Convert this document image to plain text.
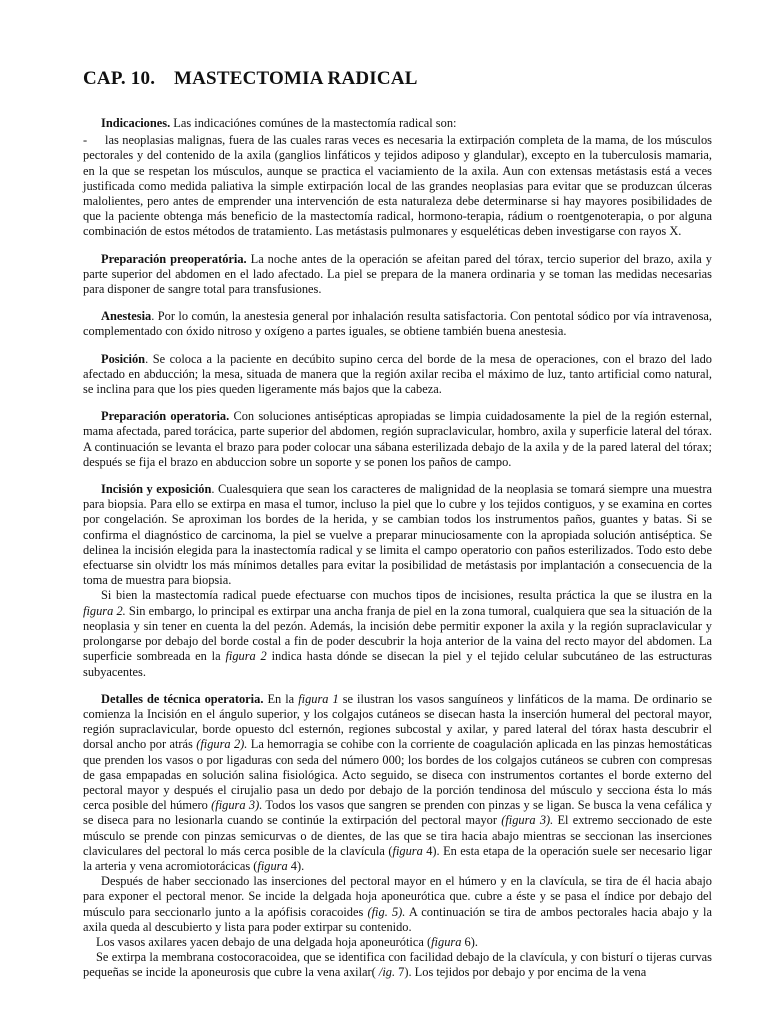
CAP. 10. MASTECTOMIA RADICAL
Indicaciones. Las indicaciónes comúnes de la mastectomía radical son:
- las neoplasias malignas, fuera de las cuales raras veces es necesaria la extirpación completa de la mama, de los músculos pectorales y del contenido de la axila (ganglios linfáticos y tejidos adiposo y glandular), excepto en la tuberculosis mamaria, en la que se respetan los músculos, aunque se practica el vaciamiento de la axila. Aun con extensas metástasis está a veces justificada como medida paliativa la simple extirpación local de las grandes neoplasias para evitar que se produzcan úlceras malolientes, pero antes de emprender una intervención de esta naturaleza debe determinarse si hay mayores posibilidades de que la paciente obtenga más beneficio de la mastectomía radical, hormono-terapia, rádium o roentgenoterapia, o por alguna combinación de estos métodos de tratamiento. Las metástasis pulmonares y esqueléticas deben investigarse con rayos X.
Preparación preoperatória. La noche antes de la operación se afeitan pared del tórax, tercio superior del brazo, axila y parte superior del abdomen en el lado afectado. La piel se prepara de la manera ordinaria y se toman las medidas necesarias para disponer de sangre total para transfusiones.
Anestesia. Por lo común, la anestesia general por inhalación resulta satisfactoria. Con pentotal sódico por vía intravenosa, complementado con óxido nitroso y oxígeno a partes iguales, se obtiene también buena anestesia.
Posición. Se coloca a la paciente en decúbito supino cerca del borde de la mesa de operaciones, con el brazo del lado afectado en abducción; la mesa, situada de manera que la región axilar reciba el máximo de luz, tanto artificial como natural, se inclina para que los pies queden ligeramente más bajos que la cabeza.
Preparación operatoria. Con soluciones antisépticas apropiadas se limpia cuidadosamente la piel de la región esternal, mama afectada, pared torácica, parte superior del abdomen, región supraclavicular, hombro, axila y superficie lateral del tórax. A continuación se levanta el brazo para poder colocar una sábana esterilizada debajo de la axila y de la pared lateral del tórax; después se fija el brazo en abduccion sobre un soporte y se ponen los paños de campo.
Incisión y exposición. Cualesquiera que sean los caracteres de malignidad de la neoplasia se tomará siempre una muestra para biopsia. Para ello se extirpa en masa el tumor, incluso la piel que lo cubre y los tejidos contiguos, y se examina en cortes por congelación. Se aproximan los bordes de la herida, y se cambian todos los instrumentos paños, guantes y batas. Si se confirma el diagnóstico de carcinoma, la piel se vuelve a preparar minuciosamente con la apropiada solución antiséptica. Se delinea la incisión elegida para la inastectomía radical y se limita el campo operatorio con paños esterilizados. Todo esto debe efectuarse sin olvidtr los más mínimos detalles para evitar la posibilidad de metástasis por implantación a consecuencia de la toma de muestra para biopsia.
Si bien la mastectomía radical puede efectuarse con muchos tipos de incisiones, resulta práctica la que se ilustra en la figura 2. Sin embargo, lo principal es extirpar una ancha franja de piel en la zona tumoral, cualquiera que sea la situación de la neoplasia y sin tener en cuenta la del pezón. Además, la incisión debe permitir exponer la axila y la región supraclavicular y prolongarse por debajo del borde costal a fin de poder descubrir la hoja anterior de la vaina del recto mayor del abdomen. La superficie sombreada en la figura 2 indica hasta dónde se disecan la piel y el tejido celular subcutáneo de las estructuras subyacentes.
Detalles de técnica operatoria. En la figura 1 se ilustran los vasos sanguíneos y linfáticos de la mama. De ordinario se comienza la Incisión en el ángulo superior, y los colgajos cutáneos se disecan hasta la inserción humeral del pectoral mayor, región supraclavicular, borde opuesto dcl esternón, regiones subcostal y axilar, y pared lateral del tórax hasta descubrir el dorsal ancho por atrás (figura 2). La hemorragia se cohibe con la corriente de coagulación aplicada en las pinzas hemostáticas que prenden los vasos o por ligaduras con seda del número 000; los bordes de los colgajos cutáneos se cubren con compresas de gasa empapadas en solución salina fisiológica. Acto seguido, se diseca con instrumentos cortantes el borde externo del pectoral mayor y después el cirujalio pasa un dedo por debajo de la porción tendinosa del músculo y secciona ésta lo más cerca posible del húmero (figura 3). Todos los vasos que sangren se prenden con pinzas y se ligan. Se busca la vena cefálica y se diseca para no lesionarla cuando se continúe la extirpación del pectoral mayor (figura 3). El extremo seccionado de este músculo se prende con pinzas semicurvas o de dientes, de las que se tira hacia abajo mientras se seccionan las inserciones claviculares del pectoral lo más cerca posible de la clavícula (figura 4). En esta etapa de la operación suele ser necesario ligar la arteria y vena acromiotorácicas (figura 4).
Después de haber seccionado las inserciones del pectoral mayor en el húmero y en la clavícula, se tira de él hacia abajo para exponer el pectoral menor. Se incide la delgada hoja aponeurótica que. cubre a éste y se pasa el índice por debajo del músculo para seccionarlo junto a la apófisis coracoides (fig. 5). A continuación se tira de ambos pectorales hacia abajo y la axila queda al descubierto y lista para poder extirpar su contenido.
Los vasos axilares yacen debajo de una delgada hoja aponeurótica (figura 6).
Se extirpa la membrana costocoracoidea, que se identifica con facilidad debajo de la clavícula, y con bisturí o tijeras curvas pequeñas se incide la aponeurosis que cubre la vena axilar( /ig. 7). Los tejidos por debajo y por encima de la vena
